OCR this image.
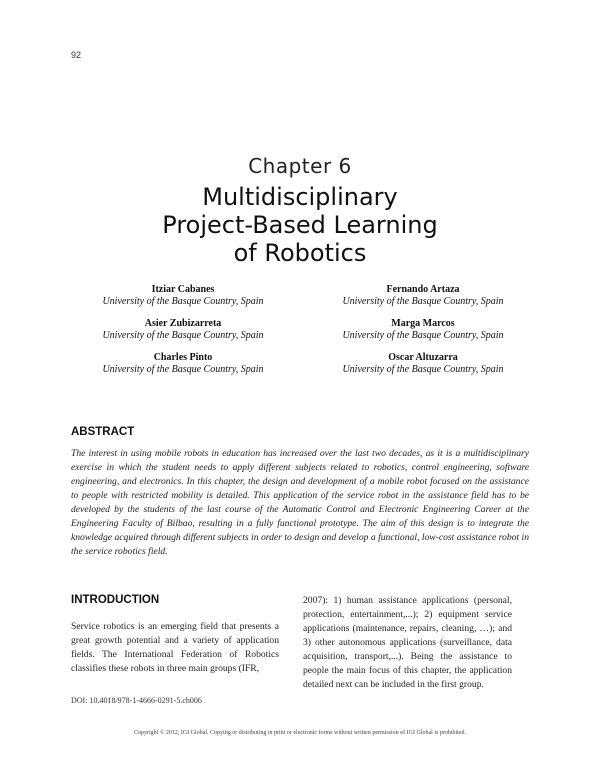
92
Chapter 6
Multidisciplinary
Project-Based Learning
of Robotics
Itziar Cabanes
University of the Basque Country, Spain
Fernando Artaza
University of the Basque Country, Spain
Asier Zubizarreta
University of the Basque Country, Spain
Marga Marcos
University of the Basque Country, Spain
Charles Pinto
University of the Basque Country, Spain
Oscar Altuzarra
University of the Basque Country, Spain
ABSTRACT
The interest in using mobile robots in education has increased over the last two decades, as it is a multidisciplinary exercise in which the student needs to apply different subjects related to robotics, control engineering, software engineering, and electronics. In this chapter, the design and development of a mobile robot focused on the assistance to people with restricted mobility is detailed. This application of the service robot in the assistance field has to be developed by the students of the last course of the Automatic Control and Electronic Engineering Career at the Engineering Faculty of Bilbao, resulting in a fully functional prototype. The aim of this design is to integrate the knowledge acquired through different subjects in order to design and develop a functional, low-cost assistance robot in the service robotics field.
INTRODUCTION
Service robotics is an emerging field that presents a great growth potential and a variety of application fields. The International Federation of Robotics classifies these robots in three main groups (IFR,
2007): 1) human assistance applications (personal, protection, entertainment,...); 2) equipment service applications (maintenance, repairs, cleaning, …); and 3) other autonomous applications (surveillance, data acquisition, transport,...). Being the assistance to people the main focus of this chapter, the application detailed next can be included in the first group.
DOI: 10.4018/978-1-4666-0291-5.ch006
Copyright © 2012, IGI Global. Copying or distributing in print or electronic forms without written permission of IGI Global is prohibited.
